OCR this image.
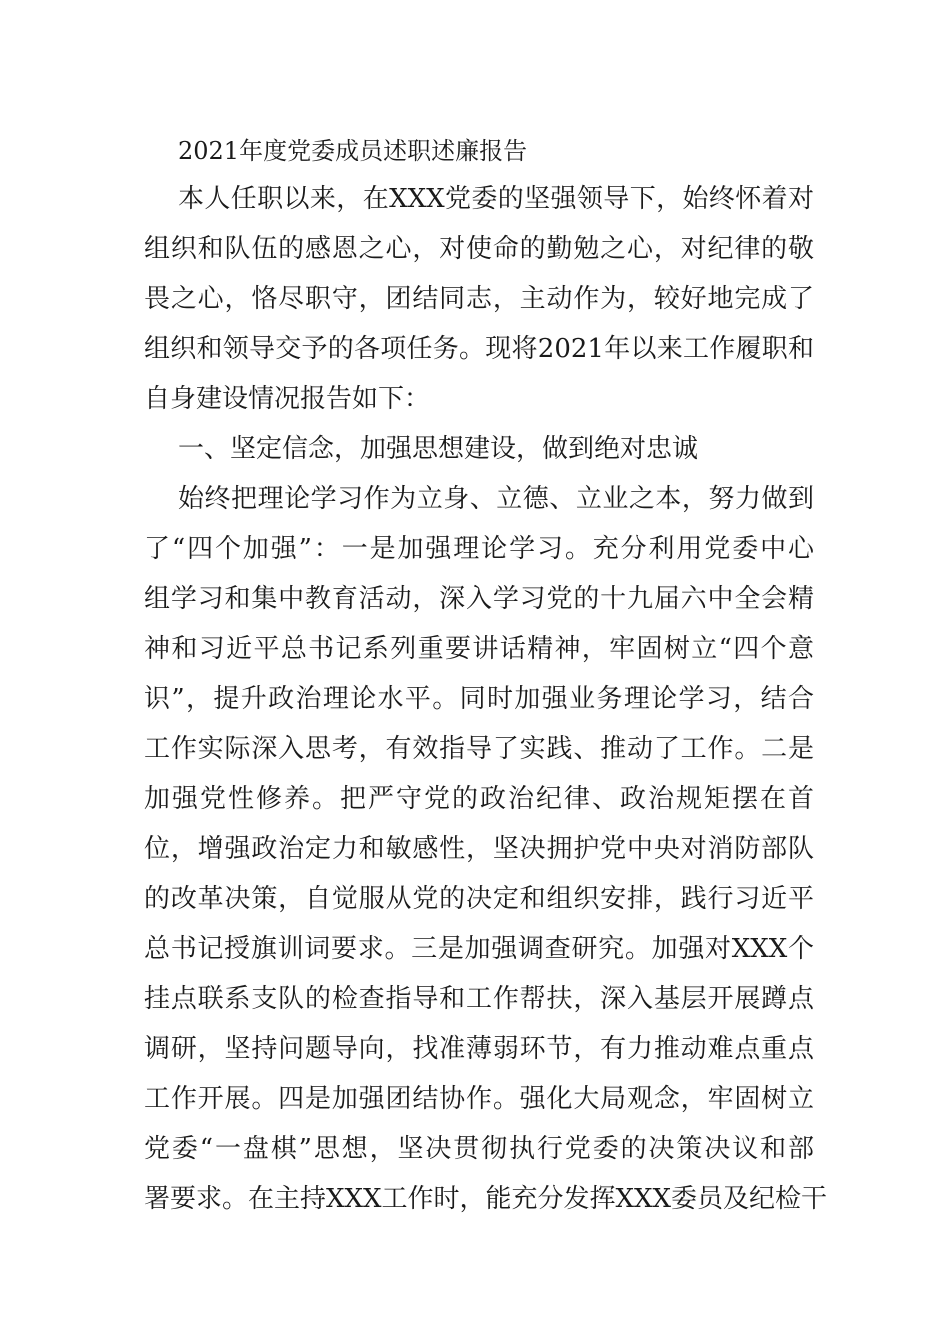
2021年度党委成员述职述廉报告
本人任职以来，在XXX党委的坚强领导下，始终怀着对
组织和队伍的感恩之心，对使命的勤勉之心，对纪律的敬
畏之心，恪尽职守，团结同志，主动作为，较好地完成了
组织和领导交予的各项任务。现将2021年以来工作履职和
自身建设情况报告如下：
一、坚定信念，加强思想建设，做到绝对忠诚
始终把理论学习作为立身、立德、立业之本，努力做到
了“四个加强”：一是加强理论学习。充分利用党委中心
组学习和集中教育活动，深入学习党的十九届六中全会精
神和习近平总书记系列重要讲话精神，牢固树立“四个意
识”，提升政治理论水平。同时加强业务理论学习，结合
工作实际深入思考，有效指导了实践、推动了工作。二是
加强党性修养。把严守党的政治纪律、政治规矩摆在首
位，增强政治定力和敏感性，坚决拥护党中央对消防部队
的改革决策，自觉服从党的决定和组织安排，践行习近平
总书记授旗训词要求。三是加强调查研究。加强对XXX个
挂点联系支队的检查指导和工作帮扶，深入基层开展蹲点
调研，坚持问题导向，找准薄弱环节，有力推动难点重点
工作开展。四是加强团结协作。强化大局观念，牢固树立
党委“一盘棋”思想，坚决贯彻执行党委的决策决议和部
署要求。在主持XXX工作时，能充分发挥XXX委员及纪检干
